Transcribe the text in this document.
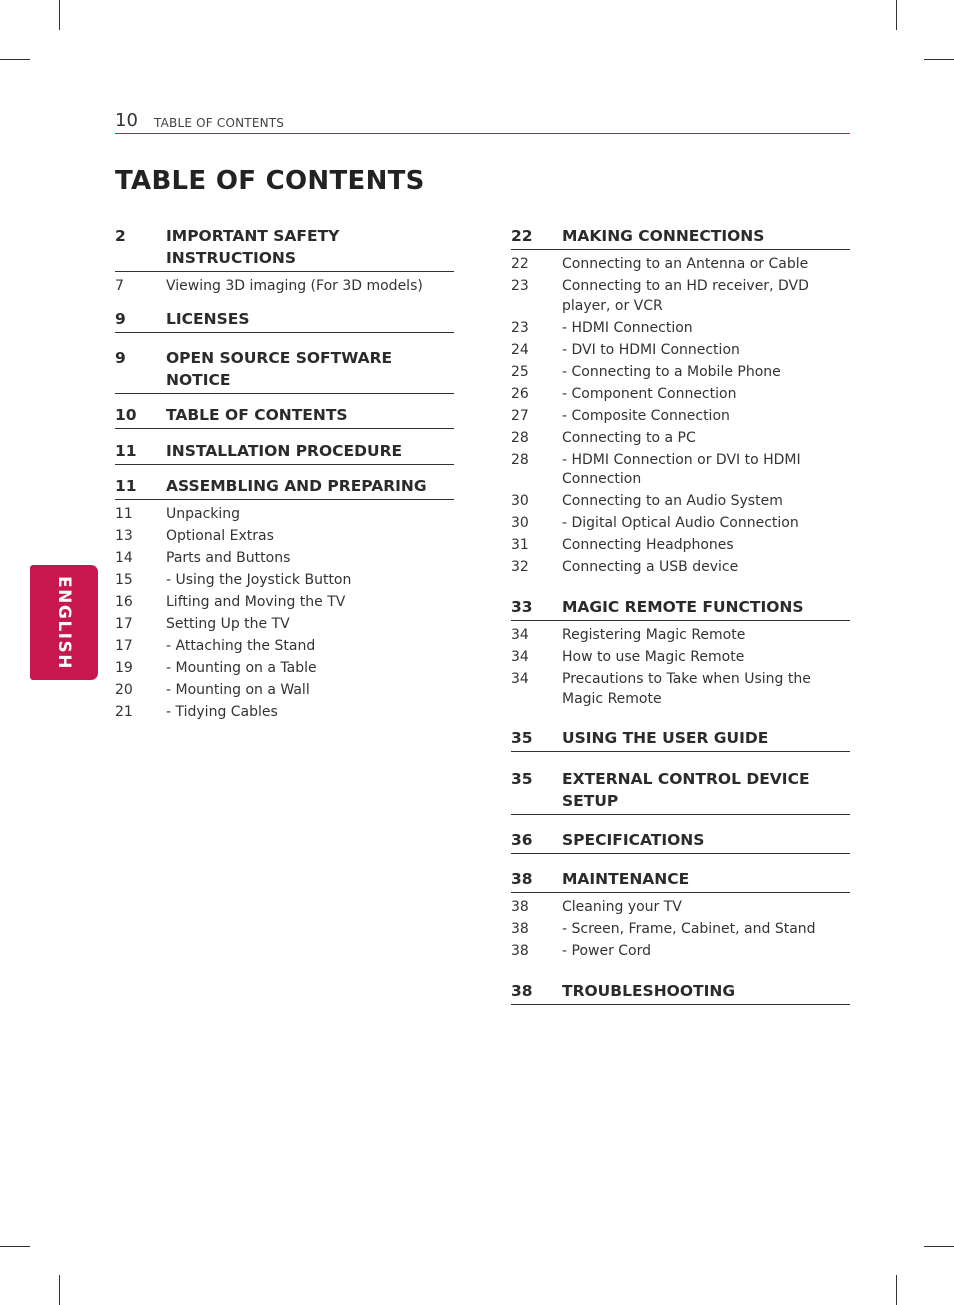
10 TABLE OF CONTENTS
TABLE OF CONTENTS
ENGLISH
2	IMPORTANT SAFETY INSTRUCTIONS
7	Viewing 3D imaging (For 3D models)
9	LICENSES
9	OPEN SOURCE SOFTWARE NOTICE
10	TABLE OF CONTENTS
11	INSTALLATION PROCEDURE
11	ASSEMBLING AND PREPARING
11	Unpacking
13	Optional Extras
14	Parts and Buttons
15	- Using the Joystick Button
16	Lifting and Moving the TV
17	Setting Up the TV
17	- Attaching the Stand
19	- Mounting on a Table
20	- Mounting on a Wall
21	- Tidying Cables
22	MAKING CONNECTIONS
22	Connecting to an Antenna or Cable
23	Connecting to an HD receiver, DVD player, or VCR
23	- HDMI Connection
24	- DVI to HDMI Connection
25	- Connecting to a Mobile Phone
26	- Component Connection
27	- Composite Connection
28	Connecting to a PC
28	- HDMI Connection or DVI to HDMI Connection
30	Connecting to an Audio System
30	- Digital Optical Audio Connection
31	Connecting Headphones
32	Connecting a USB device
33	MAGIC REMOTE FUNCTIONS
34	Registering Magic Remote
34	How to use Magic Remote
34	Precautions to Take when Using the Magic Remote
35	USING THE USER GUIDE
35	EXTERNAL CONTROL DEVICE SETUP
36	SPECIFICATIONS
38	MAINTENANCE
38	Cleaning your TV
38	- Screen, Frame, Cabinet, and Stand
38	- Power Cord
38	TROUBLESHOOTING
